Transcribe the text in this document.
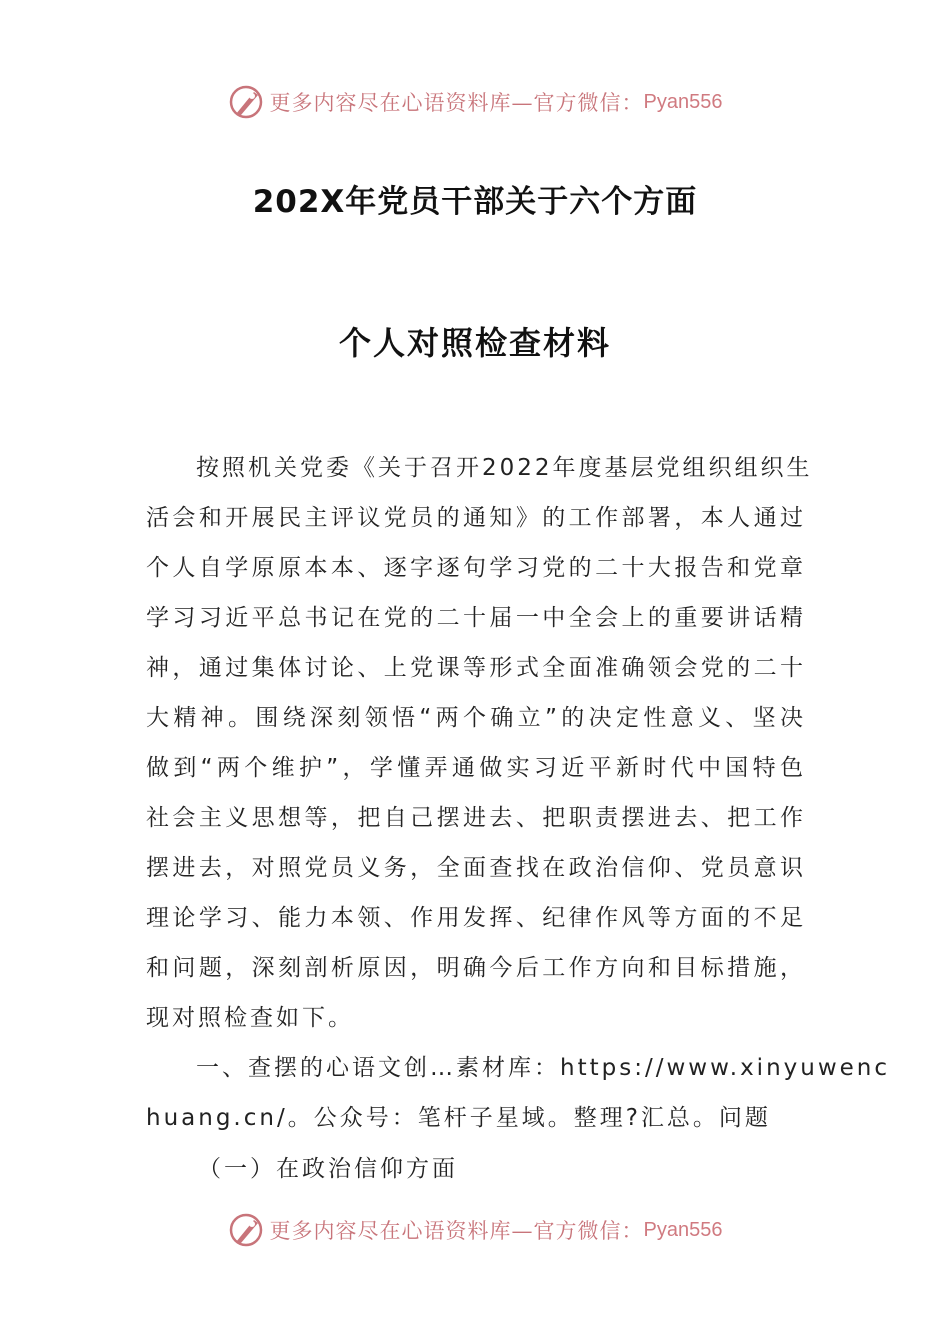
更多内容尽在心语资料库—官方微信： Pyan556
202X年党员干部关于六个方面
个人对照检查材料
按照机关党委《关于召开2022年度基层党组织组织生
活会和开展民主评议党员的通知》的工作部署，本人通过
个人自学原原本本、逐字逐句学习党的二十大报告和党章
学习习近平总书记在党的二十届一中全会上的重要讲话精
神，通过集体讨论、上党课等形式全面准确领会党的二十
大精神。围绕深刻领悟“两个确立”的决定性意义、坚决
做到“两个维护”，学懂弄通做实习近平新时代中国特色
社会主义思想等，把自己摆进去、把职责摆进去、把工作
摆进去，对照党员义务，全面查找在政治信仰、党员意识
理论学习、能力本领、作用发挥、纪律作风等方面的不足
和问题，深刻剖析原因，明确今后工作方向和目标措施，
现对照检查如下。
一、查摆的心语文创…素材库：https://www.xinyuwenc
huang.cn/。公众号：笔杆子星域。整理?汇总。问题
（一）在政治信仰方面
更多内容尽在心语资料库—官方微信： Pyan556
